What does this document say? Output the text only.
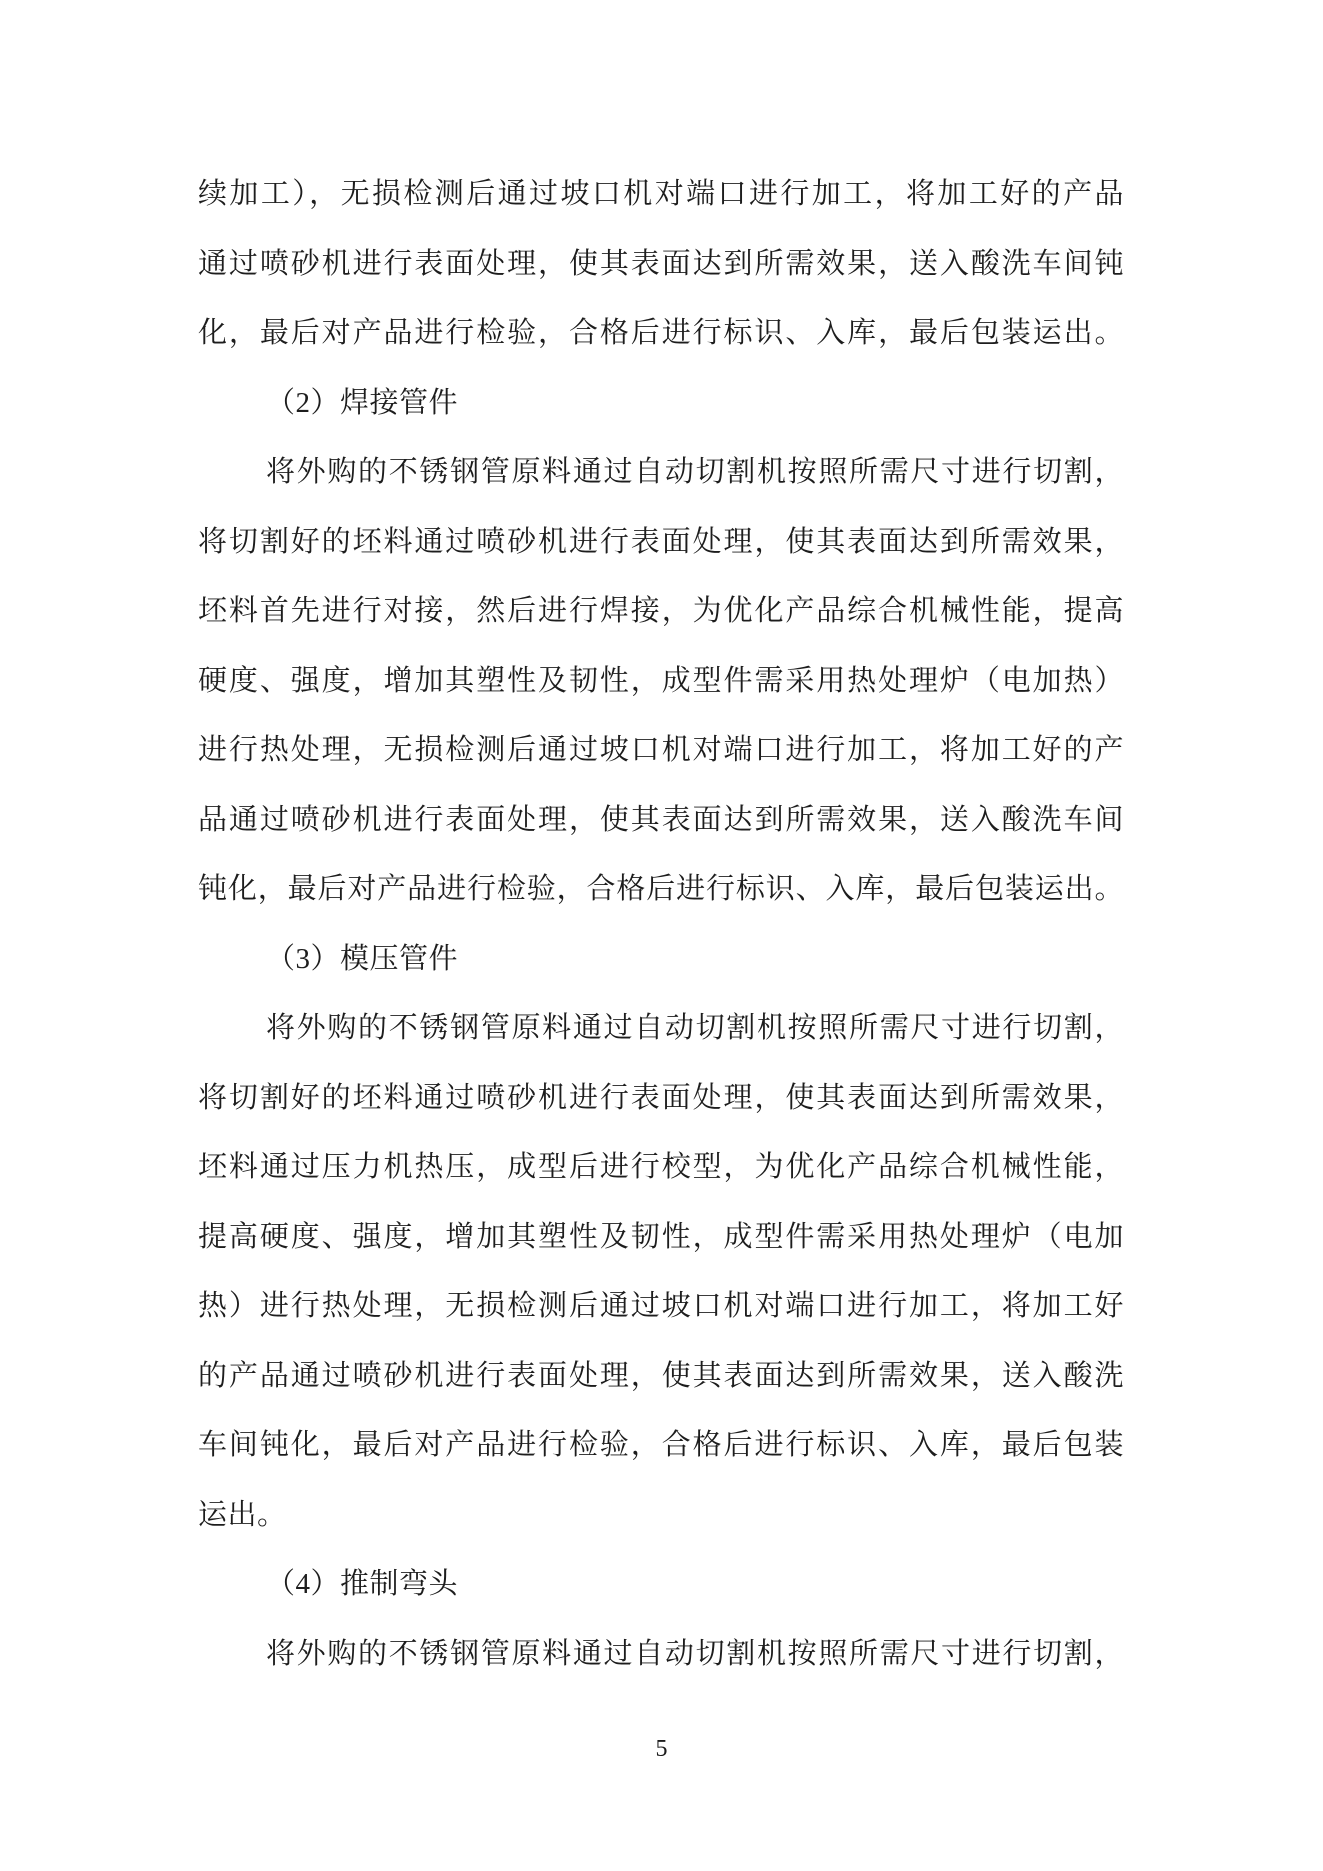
续加工），无损检测后通过坡口机对端口进行加工，将加工好的产品
通过喷砂机进行表面处理，使其表面达到所需效果，送入酸洗车间钝
化，最后对产品进行检验，合格后进行标识、入库，最后包装运出。
（2）焊接管件
将外购的不锈钢管原料通过自动切割机按照所需尺寸进行切割，
将切割好的坯料通过喷砂机进行表面处理，使其表面达到所需效果，
坯料首先进行对接，然后进行焊接，为优化产品综合机械性能，提高
硬度、强度，增加其塑性及韧性，成型件需采用热处理炉（电加热）
进行热处理，无损检测后通过坡口机对端口进行加工，将加工好的产
品通过喷砂机进行表面处理，使其表面达到所需效果，送入酸洗车间
钝化，最后对产品进行检验，合格后进行标识、入库，最后包装运出。
（3）模压管件
将外购的不锈钢管原料通过自动切割机按照所需尺寸进行切割，
将切割好的坯料通过喷砂机进行表面处理，使其表面达到所需效果，
坯料通过压力机热压，成型后进行校型，为优化产品综合机械性能，
提高硬度、强度，增加其塑性及韧性，成型件需采用热处理炉（电加
热）进行热处理，无损检测后通过坡口机对端口进行加工，将加工好
的产品通过喷砂机进行表面处理，使其表面达到所需效果，送入酸洗
车间钝化，最后对产品进行检验，合格后进行标识、入库，最后包装
运出。
（4）推制弯头
将外购的不锈钢管原料通过自动切割机按照所需尺寸进行切割，
5
